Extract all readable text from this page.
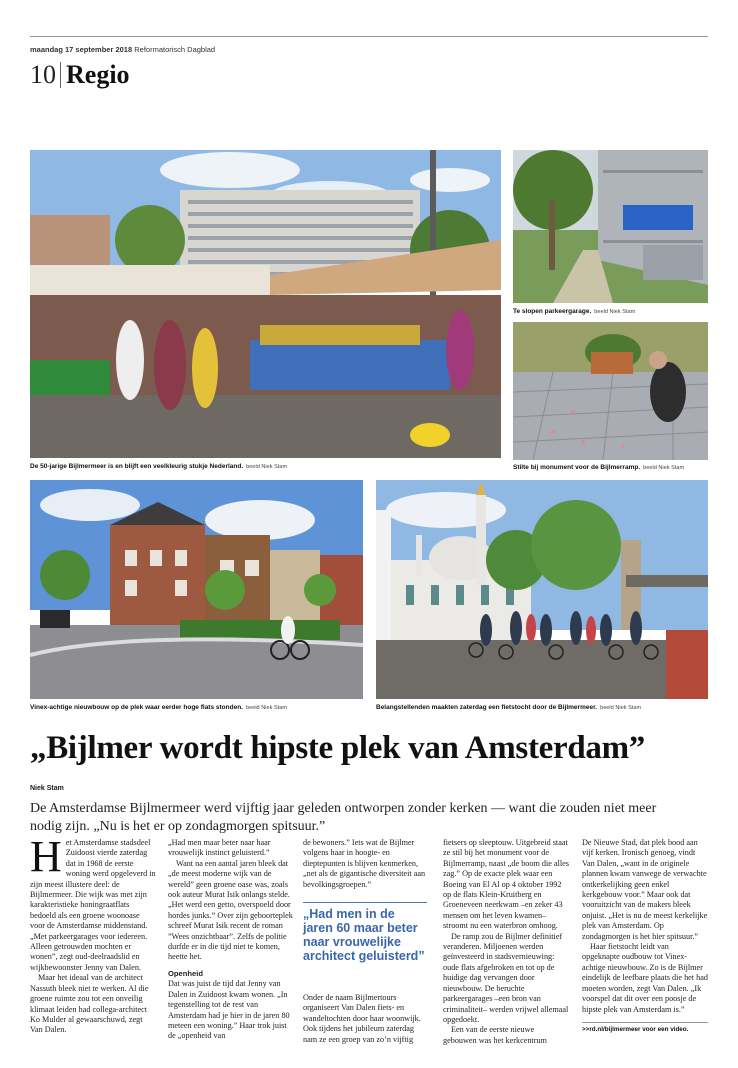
maandag 17 september 2018 Reformatorisch Dagblad
10 Regio
De 50-jarige Bijlmermeer is en blijft een veelkleurig stukje Nederland. beeld Niek Stam
Te slopen parkeergarage. beeld Niek Stam
Stilte bij monument voor de Bijlmerramp. beeld Niek Stam
Vinex-achtige nieuwbouw op de plek waar eerder hoge flats stonden. beeld Niek Stam	Belangstellenden maakten zaterdag een fietstocht door de Bijlmermeer. beeld Niek Stam
„Bijlmer wordt hipste plek van Amsterdam”
Niek Stam
De Amsterdamse Bijlmermeer werd vijftig jaar geleden ontworpen zonder kerken — want die zouden niet meer nodig zijn. „Nu is het er op zondagmorgen spitsuur.”
H et Amsterdamse stadsdeel Zuidoost vierde zaterdag dat in 1968 de eerste woning werd opgeleverd in zijn meest illustere deel: de Bijlmermeer. Die wijk was met zijn karakteristieke honingraatflats bedoeld als een groene woonoase voor de Amsterdamse middenstand. „Met parkeergarages voor iedereen. Alleen getrouwden mochten er wonen”, zegt oud-deelraadslid en wijkbewoonster Jenny van Dalen.

Maar het ideaal van de architect Nassuth bleek niet te werken. Al die groene ruimte zou tot een onveilig klimaat leiden had collega-architect Ko Mulder al gewaarschuwd, zegt Van Dalen.

„Had men maar beter naar haar vrouwelijk instinct geluisterd.”

Want na een aantal jaren bleek dat „de meest moderne wijk van de wereld” geen groene oase was, zoals ook auteur Murat Isik onlangs stelde. „Het werd een getto, overspoeld door hordes junks.” Over zijn geboorteplek schreef Murat Isik recent de roman ”Wees onzichtbaar”. Zelfs de politie durfde er in die tijd niet te komen, heette het.

Openheid

Dat was juist de tijd dat Jenny van Dalen in Zuidoost kwam wonen. „In tegenstelling tot de rest van Amsterdam had je hier in de jaren 80 meteen een woning.” Haar trok juist de „openheid van

de bewoners.” Iets wat de Bijlmer volgens haar in hoogte- en dieptepunten is blijven kenmerken, „net als de gigantische diversiteit aan bevolkingsgroepen.”

„Had men in de jaren 60 maar beter naar vrouwelijke architect geluisterd”

Onder de naam Bijlmertours organiseert Van Dalen fiets- en wandeltochten door haar woonwijk. Ook tijdens het jubileum zaterdag nam ze een groep van zo’n vijftig

fietsers op sleeptouw. Uitgebreid staat ze stil bij het monument voor de Bijlmerramp, naast „de boom die alles zag.” Op de exacte plek waar een Boeing van El Al op 4 oktober 1992 op de flats Klein-Kruitberg en Groeneveen neerkwam –en zeker 43 mensen om het leven kwamen– stroomt nu een waterbron omhoog.

De ramp zou de Bijlmer definitief veranderen. Miljoenen werden geïnvesteerd in stadsvernieuwing: oude flats afgebroken en tot op de huidige dag vervangen door nieuwbouw. De beruchte parkeergarages –een bron van criminaliteit– werden vrijwel allemaal opgedoekt.

Een van de eerste nieuwe gebouwen was het kerkcentrum

De Nieuwe Stad, dat plek bood aan vijf kerken. Ironisch genoeg, vindt Van Dalen, „want in de originele plannen kwam vanwege de verwachte ontkerkelijking geen enkel kerkgebouw voor.” Maar ook dat vooruitzicht van de makers bleek onjuist. „Het is nu de meest kerkelijke plek van Amsterdam. Op zondagmorgen is het hier spitsuur.”

Haar fietstocht leidt van opgeknapte oudbouw tot Vinex-achtige nieuwbouw. Zo is de Bijlmer eindelijk de leefbare plaats die het had moeten worden, zegt Van Dalen. „Ik voorspel dat dit over een poosje de hipste plek van Amsterdam is.”

>>rd.nl/bijlmermeer voor een video.
